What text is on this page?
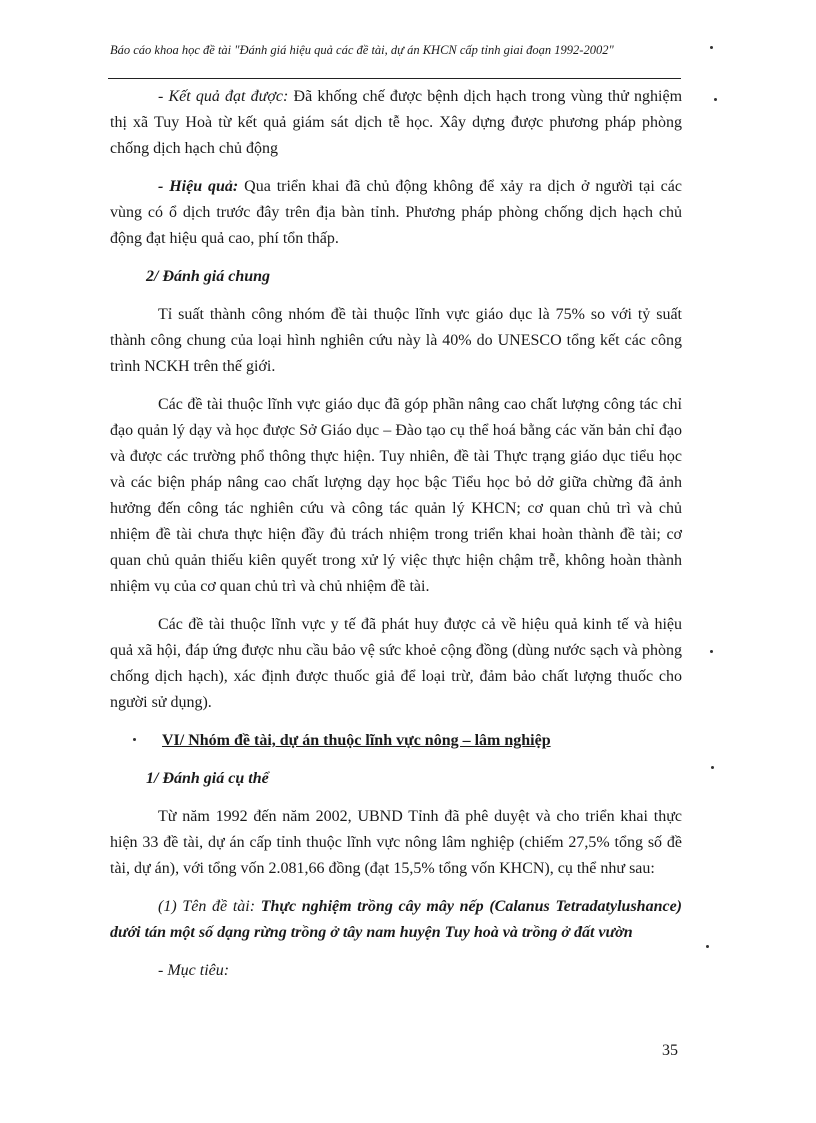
Báo cáo khoa học đề tài "Đánh giá hiệu quả các đề tài, dự án KHCN cấp tỉnh giai đoạn 1992-2002"

- Kết quả đạt được: Đã khống chế được bệnh dịch hạch trong vùng thử nghiệm thị xã Tuy Hoà từ kết quả giám sát dịch tễ học. Xây dựng được phương pháp phòng chống dịch hạch chủ động

- Hiệu quả: Qua triển khai đã chủ động không để xảy ra dịch ở người tại các vùng có ổ dịch trước đây trên địa bàn tỉnh. Phương pháp phòng chống dịch hạch chủ động đạt hiệu quả cao, phí tổn thấp.

2/ Đánh giá chung

Tỉ suất thành công nhóm đề tài thuộc lĩnh vực giáo dục là 75% so với tỷ suất thành công chung của loại hình nghiên cứu này là 40% do UNESCO tổng kết các công trình NCKH trên thế giới.

Các đề tài thuộc lĩnh vực giáo dục đã góp phần nâng cao chất lượng công tác chỉ đạo quản lý dạy và học được Sở Giáo dục – Đào tạo cụ thể hoá bằng các văn bản chỉ đạo và được các trường phổ thông thực hiện. Tuy nhiên, đề tài Thực trạng giáo dục tiểu học và các biện pháp nâng cao chất lượng dạy học bậc Tiểu học bỏ dở giữa chừng đã ảnh hưởng đến công tác nghiên cứu và công tác quản lý KHCN; cơ quan chủ trì và chủ nhiệm đề tài chưa thực hiện đầy đủ trách nhiệm trong triển khai hoàn thành đề tài; cơ quan chủ quản thiếu kiên quyết trong xử lý việc thực hiện chậm trễ, không hoàn thành nhiệm vụ của cơ quan chủ trì và chủ nhiệm đề tài.

Các đề tài thuộc lĩnh vực y tế đã phát huy được cả về hiệu quả kinh tế và hiệu quả xã hội, đáp ứng được nhu cầu bảo vệ sức khoẻ cộng đồng (dùng nước sạch và phòng chống dịch hạch), xác định được thuốc giả để loại trừ, đảm bảo chất lượng thuốc cho người sử dụng).

VI/ Nhóm đề tài, dự án thuộc lĩnh vực nông – lâm nghiệp

1/ Đánh giá cụ thể

Từ năm 1992 đến năm 2002, UBND Tỉnh đã phê duyệt và cho triển khai thực hiện 33 đề tài, dự án cấp tỉnh thuộc lĩnh vực nông lâm nghiệp (chiếm 27,5% tổng số đề tài, dự án), với tổng vốn 2.081,66 đồng (đạt 15,5% tổng vốn KHCN), cụ thể như sau:

(1) Tên đề tài: Thực nghiệm trồng cây mây nếp (Calanus Tetradatylushance) dưới tán một số dạng rừng trồng ở tây nam huyện Tuy hoà và trồng ở đất vườn

- Mục tiêu:

35
